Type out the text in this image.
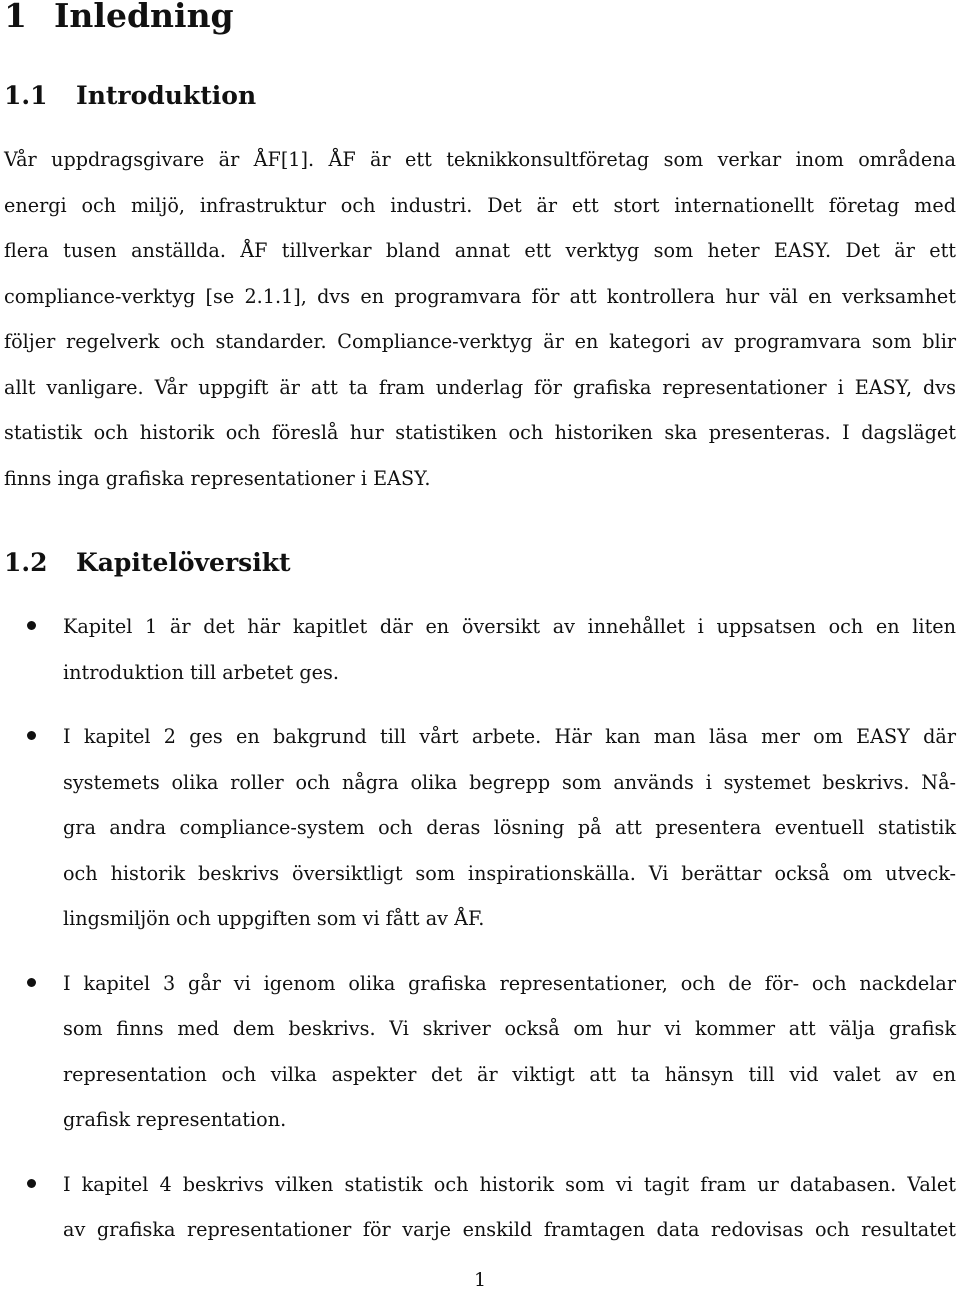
1 Inledning
1.1 Introduktion

Vår uppdragsgivare är ÅF[1]. ÅF är ett teknikkonsultföretag som verkar inom områdena
energi och miljö, infrastruktur och industri. Det är ett stort internationellt företag med
flera tusen anställda. ÅF tillverkar bland annat ett verktyg som heter EASY. Det är ett
compliance-verktyg [se 2.1.1], dvs en programvara för att kontrollera hur väl en verksamhet
följer regelverk och standarder. Compliance-verktyg är en kategori av programvara som blir
allt vanligare. Vår uppgift är att ta fram underlag för grafiska representationer i EASY, dvs
statistik och historik och föreslå hur statistiken och historiken ska presenteras. I dagsläget
finns inga grafiska representationer i EASY.

1.2 Kapitelöversikt
Kapitel 1 är det här kapitlet där en översikt av innehållet i uppsatsen och en liten
introduktion till arbetet ges.
I kapitel 2 ges en bakgrund till vårt arbete. Här kan man läsa mer om EASY där
systemets olika roller och några olika begrepp som används i systemet beskrivs. Nå-
gra andra compliance-system och deras lösning på att presentera eventuell statistik
och historik beskrivs översiktligt som inspirationskälla. Vi berättar också om utveck-
lingsmiljön och uppgiften som vi fått av ÅF.
I kapitel 3 går vi igenom olika grafiska representationer, och de för- och nackdelar
som finns med dem beskrivs. Vi skriver också om hur vi kommer att välja grafisk
representation och vilka aspekter det är viktigt att ta hänsyn till vid valet av en
grafisk representation.
I kapitel 4 beskrivs vilken statistik och historik som vi tagit fram ur databasen. Valet
av grafiska representationer för varje enskild framtagen data redovisas och resultatet
1
